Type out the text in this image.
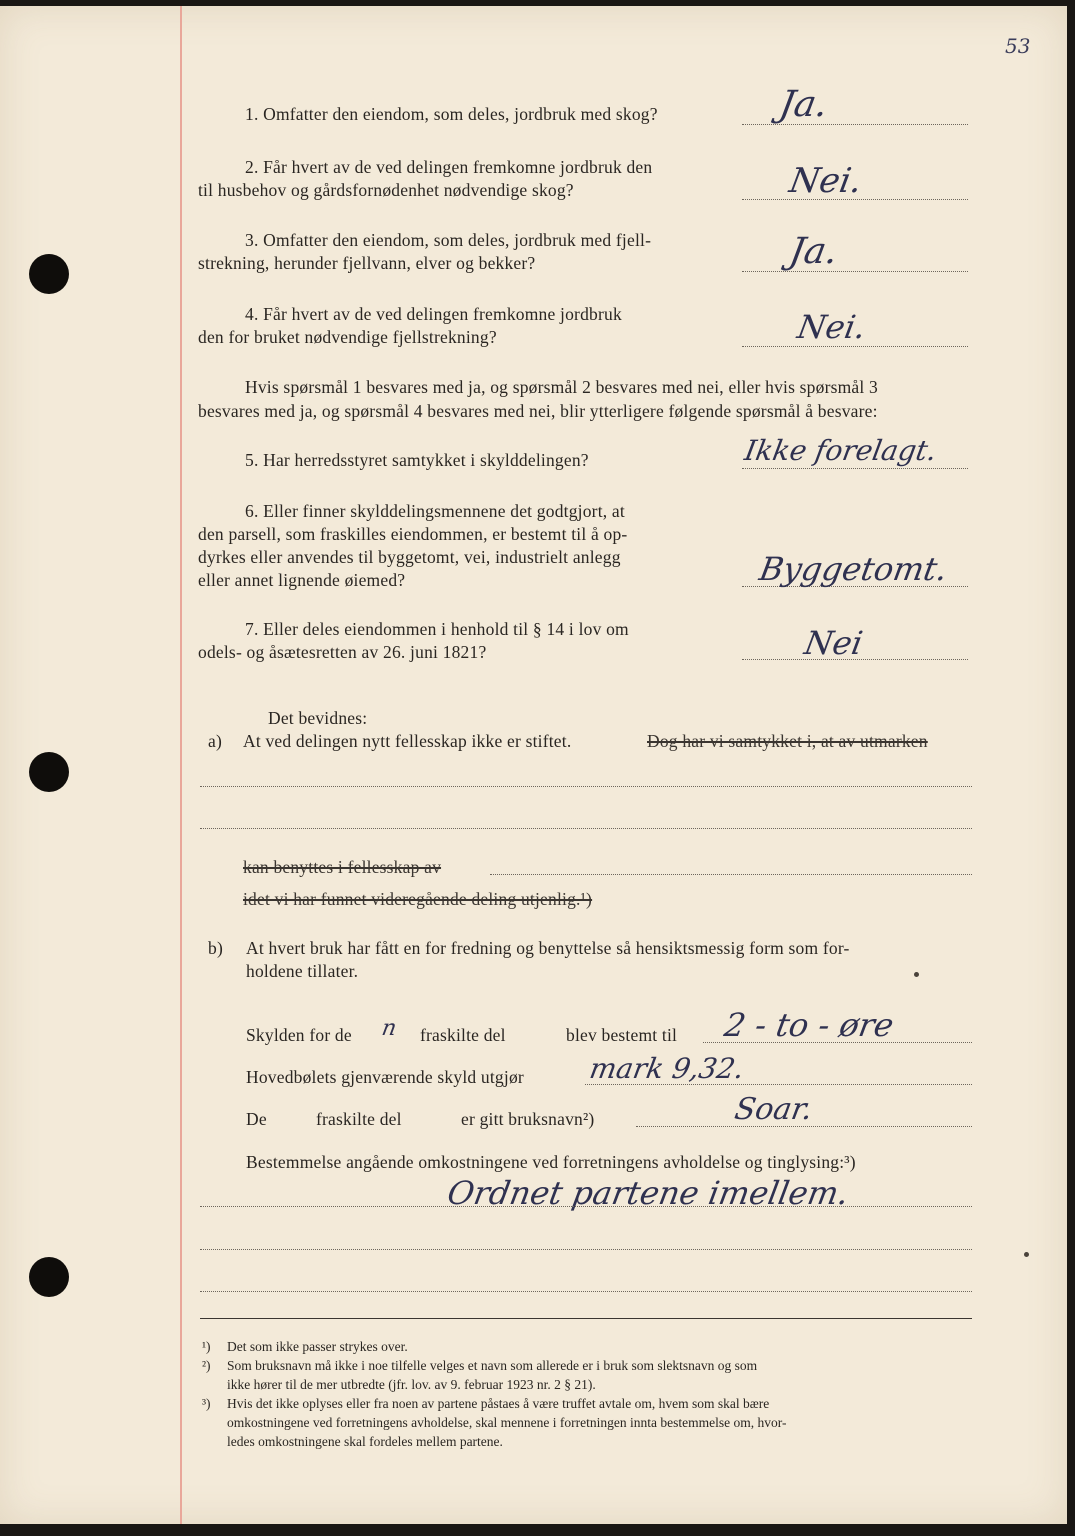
53
1. Omfatter den eiendom, som deles, jordbruk med skog?	Ja.
2. Får hvert av de ved delingen fremkomne jordbruk den
til husbehov og gårdsfornødenhet nødvendige skog?	Nei.
3. Omfatter den eiendom, som deles, jordbruk med fjell-
strekning, herunder fjellvann, elver og bekker?	Ja.
4. Får hvert av de ved delingen fremkomne jordbruk
den for bruket nødvendige fjellstrekning?	Nei.
Hvis spørsmål 1 besvares med ja, og spørsmål 2 besvares med nei, eller hvis spørsmål 3
besvares med ja, og spørsmål 4 besvares med nei, blir ytterligere følgende spørsmål å besvare:
5. Har herredsstyret samtykket i skylddelingen?	Ikke forelagt.
6. Eller finner skylddelingsmennene det godtgjort, at
den parsell, som fraskilles eiendommen, er bestemt til å op-
dyrkes eller anvendes til byggetomt, vei, industrielt anlegg
eller annet lignende øiemed?	Byggetomt.
7. Eller deles eiendommen i henhold til § 14 i lov om
odels- og åsætesretten av 26. juni 1821?	Nei
Det bevidnes:
a) At ved delingen nytt fellesskap ikke er stiftet.	Dog har vi samtykket i, at av utmarken
kan benyttes i fellesskap av
idet vi har funnet videregående deling utjenlig.¹)
b) At hvert bruk har fått en for fredning og benyttelse så hensiktsmessig form som for-
holdene tillater.
Skylden for de n fraskilte del	blev bestemt til 2 - to - øre
Hovedbølets gjenværende skyld utgjør mark 9,32.
De	fraskilte del	er gitt bruksnavn²)	Soar.
Bestemmelse angående omkostningene ved forretningens avholdelse og tinglysing:³)
Ordnet partene imellem.
¹) Det som ikke passer strykes over.
²) Som bruksnavn må ikke i noe tilfelle velges et navn som allerede er i bruk som slektsnavn og som
ikke hører til de mer utbredte (jfr. lov. av 9. februar 1923 nr. 2 § 21).
³) Hvis det ikke oplyses eller fra noen av partene påstaes å være truffet avtale om, hvem som skal bære
omkostningene ved forretningens avholdelse, skal mennene i forretningen innta bestemmelse om, hvor-
ledes omkostningene skal fordeles mellem partene.
